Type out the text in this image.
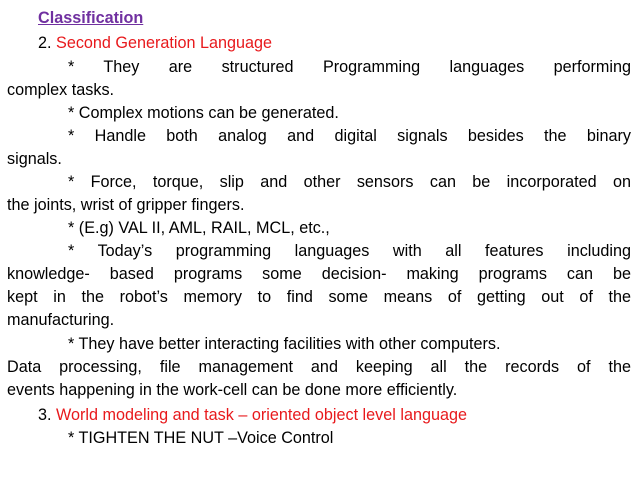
Classification
2. Second Generation Language
* They are structured Programming languages performing
complex tasks.
* Complex motions can be generated.
* Handle both analog and digital signals besides the binary
signals.
* Force, torque, slip and other sensors can be incorporated on
the joints, wrist of gripper fingers.
* (E.g) VAL II, AML, RAIL, MCL, etc.,
* Today’s programming languages with all features including
knowledge- based programs some decision- making programs can be
kept in the robot’s memory to find some means of getting out of the
manufacturing.
* They have better interacting facilities with other computers.
Data processing, file management and keeping all the records of the
events happening in the work-cell can be done more efficiently.
3. World modeling and task – oriented object level language
* TIGHTEN THE NUT –Voice Control
